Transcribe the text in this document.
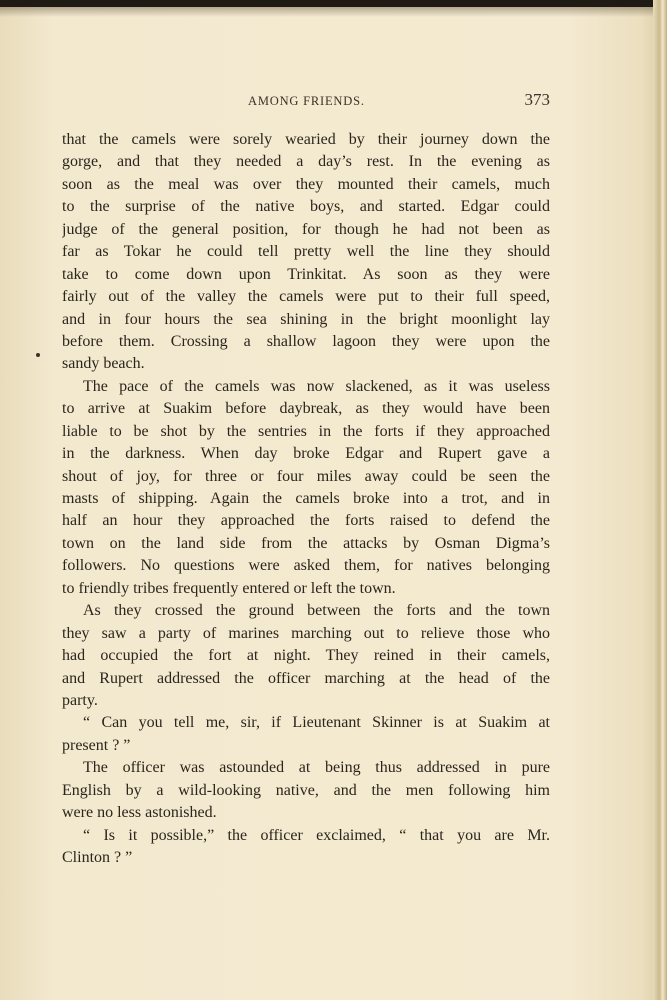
AMONG FRIENDS.	373
that the camels were sorely wearied by their journey down the
gorge, and that they needed a day’s rest. In the evening as
soon as the meal was over they mounted their camels, much
to the surprise of the native boys, and started. Edgar could
judge of the general position, for though he had not been as
far as Tokar he could tell pretty well the line they should
take to come down upon Trinkitat. As soon as they were
fairly out of the valley the camels were put to their full speed,
and in four hours the sea shining in the bright moonlight lay
before them. Crossing a shallow lagoon they were upon the
sandy beach.
The pace of the camels was now slackened, as it was useless
to arrive at Suakim before daybreak, as they would have been
liable to be shot by the sentries in the forts if they approached
in the darkness. When day broke Edgar and Rupert gave a
shout of joy, for three or four miles away could be seen the
masts of shipping. Again the camels broke into a trot, and in
half an hour they approached the forts raised to defend the
town on the land side from the attacks by Osman Digma’s
followers. No questions were asked them, for natives belonging
to friendly tribes frequently entered or left the town.
As they crossed the ground between the forts and the town
they saw a party of marines marching out to relieve those who
had occupied the fort at night. They reined in their camels,
and Rupert addressed the officer marching at the head of the
party.
“ Can you tell me, sir, if Lieutenant Skinner is at Suakim at
present ? ”
The officer was astounded at being thus addressed in pure
English by a wild-looking native, and the men following him
were no less astonished.
“ Is it possible,” the officer exclaimed, “ that you are Mr.
Clinton ? ”
